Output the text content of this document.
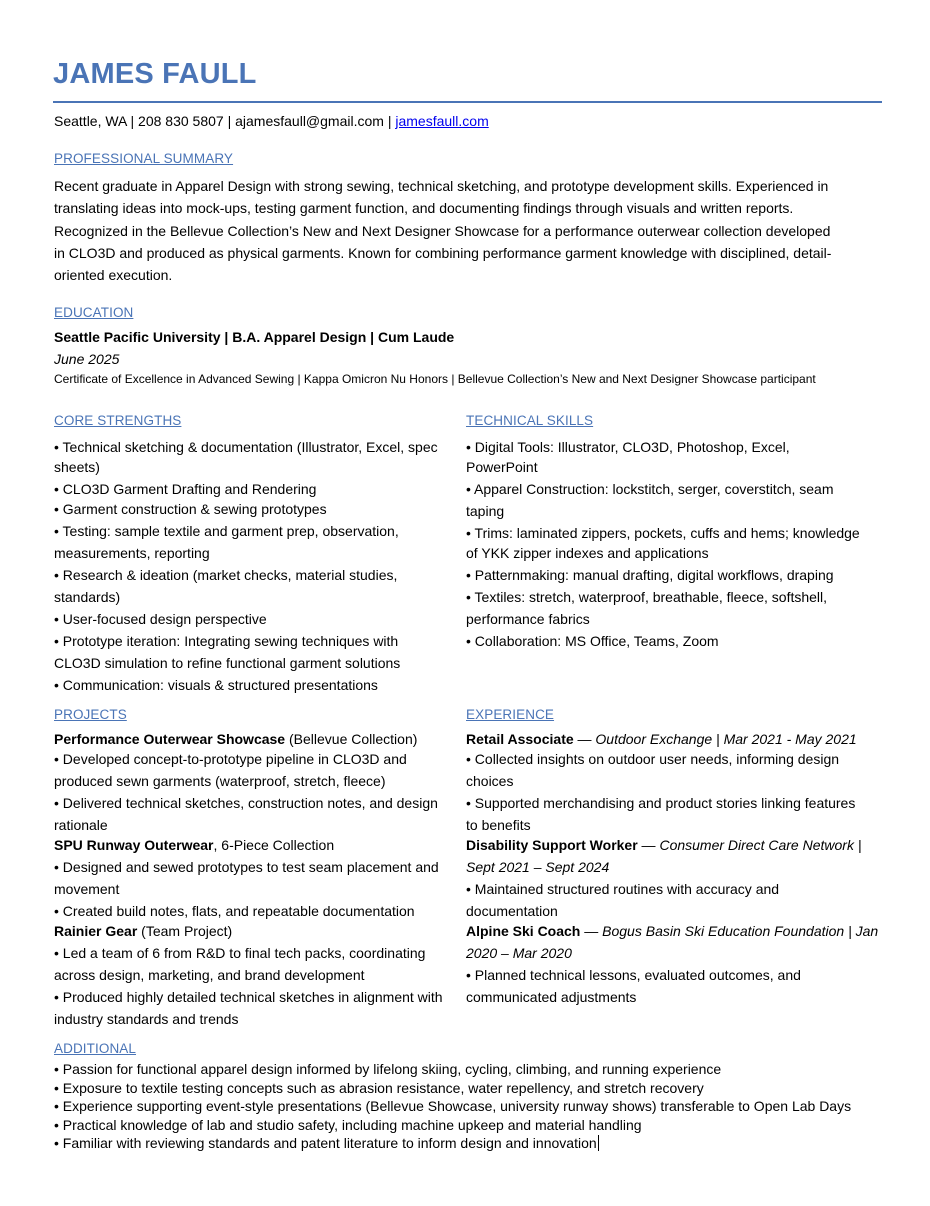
JAMES FAULL
Seattle, WA | 208 830 5807 | ajamesfaull@gmail.com | jamesfaull.com
PROFESSIONAL SUMMARY
Recent graduate in Apparel Design with strong sewing, technical sketching, and prototype development skills. Experienced in
translating ideas into mock-ups, testing garment function, and documenting findings through visuals and written reports.
Recognized in the Bellevue Collection’s New and Next Designer Showcase for a performance outerwear collection developed
in CLO3D and produced as physical garments. Known for combining performance garment knowledge with disciplined, detail-
oriented execution.
EDUCATION
Seattle Pacific University | B.A. Apparel Design | Cum Laude
June 2025
Certificate of Excellence in Advanced Sewing | Kappa Omicron Nu Honors | Bellevue Collection’s New and Next Designer Showcase participant
CORE STRENGTHS
• Technical sketching & documentation (Illustrator, Excel, spec
sheets)
• CLO3D Garment Drafting and Rendering
• Garment construction & sewing prototypes
• Testing: sample textile and garment prep, observation,
measurements, reporting
• Research & ideation (market checks, material studies,
standards)
• User-focused design perspective
• Prototype iteration: Integrating sewing techniques with
CLO3D simulation to refine functional garment solutions
• Communication: visuals & structured presentations
TECHNICAL SKILLS
• Digital Tools: Illustrator, CLO3D, Photoshop, Excel,
PowerPoint
• Apparel Construction: lockstitch, serger, coverstitch, seam
taping
• Trims: laminated zippers, pockets, cuffs and hems; knowledge
of YKK zipper indexes and applications
• Patternmaking: manual drafting, digital workflows, draping
• Textiles: stretch, waterproof, breathable, fleece, softshell,
performance fabrics
• Collaboration: MS Office, Teams, Zoom
PROJECTS
Performance Outerwear Showcase (Bellevue Collection)
• Developed concept-to-prototype pipeline in CLO3D and
produced sewn garments (waterproof, stretch, fleece)
• Delivered technical sketches, construction notes, and design
rationale
SPU Runway Outerwear, 6-Piece Collection
• Designed and sewed prototypes to test seam placement and
movement
• Created build notes, flats, and repeatable documentation
Rainier Gear (Team Project)
• Led a team of 6 from R&D to final tech packs, coordinating
across design, marketing, and brand development
• Produced highly detailed technical sketches in alignment with
industry standards and trends
EXPERIENCE
Retail Associate — Outdoor Exchange | Mar 2021 - May 2021
• Collected insights on outdoor user needs, informing design
choices
• Supported merchandising and product stories linking features
to benefits
Disability Support Worker — Consumer Direct Care Network |
Sept 2021 – Sept 2024
• Maintained structured routines with accuracy and
documentation
Alpine Ski Coach — Bogus Basin Ski Education Foundation | Jan
2020 – Mar 2020
• Planned technical lessons, evaluated outcomes, and
communicated adjustments
ADDITIONAL
• Passion for functional apparel design informed by lifelong skiing, cycling, climbing, and running experience
• Exposure to textile testing concepts such as abrasion resistance, water repellency, and stretch recovery
• Experience supporting event-style presentations (Bellevue Showcase, university runway shows) transferable to Open Lab Days
• Practical knowledge of lab and studio safety, including machine upkeep and material handling
• Familiar with reviewing standards and patent literature to inform design and innovation
